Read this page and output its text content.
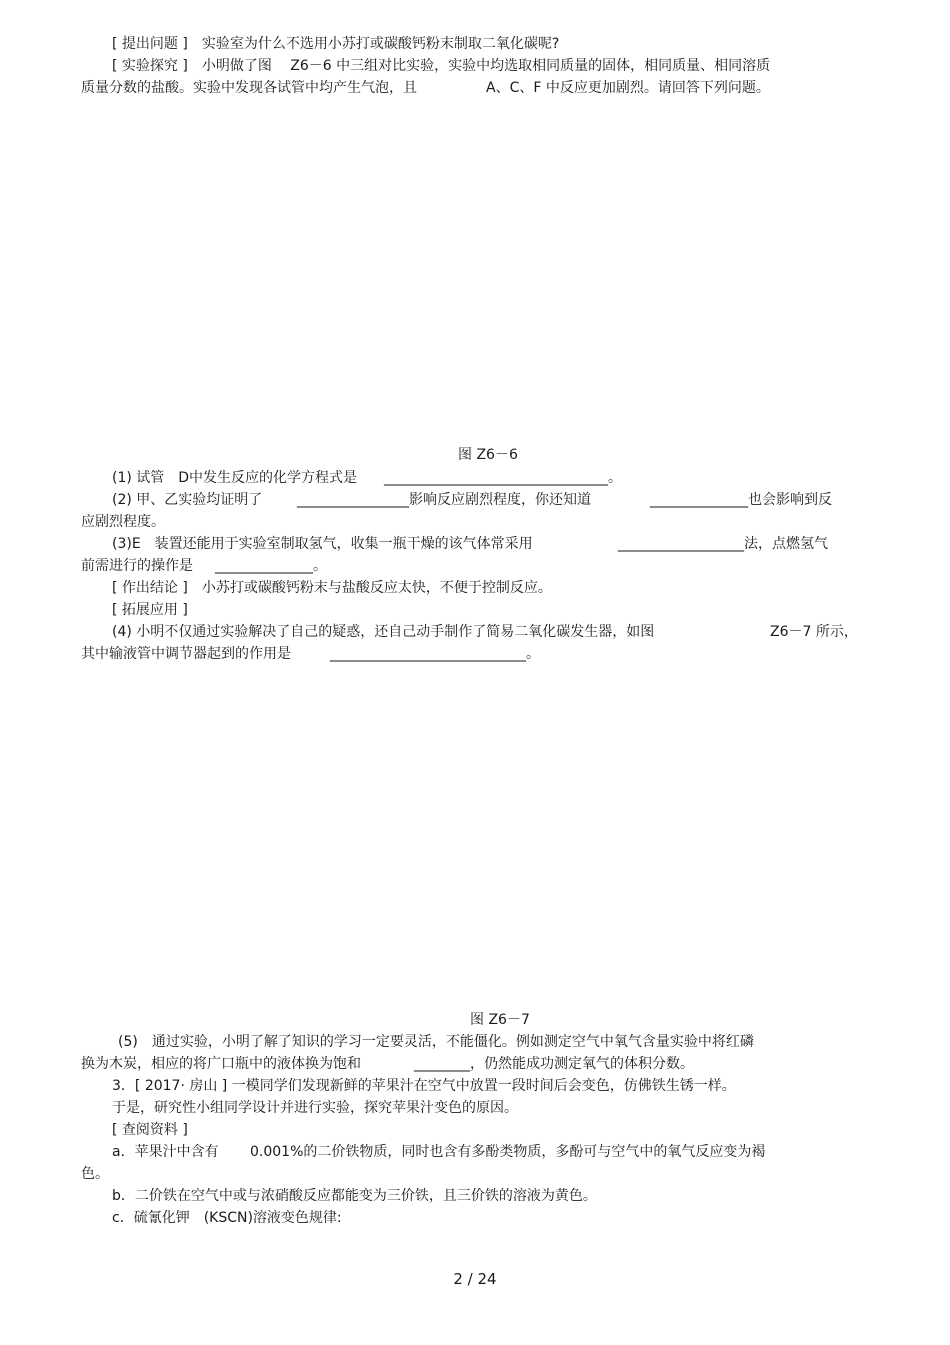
[ 提出问题 ]　实验室为什么不选用小苏打或碳酸钙粉末制取二氧化碳呢?
[ 实验探究 ]　小明做了图　 Z6－6 中三组对比实验，实验中均选取相同质量的固体，相同质量、相同溶质
质量分数的盐酸。实验中发现各试管中均产生气泡，且	A、C、F 中反应更加剧烈。请回答下列问题。
图 Z6－6
(1) 试管　D中发生反应的化学方程式是 ________________________________。
(2) 甲、乙实验均证明了 ________________影响反应剧烈程度，你还知道	______________也会影响到反
应剧烈程度。
(3)E　装置还能用于实验室制取氢气，收集一瓶干燥的该气体常采用	__________________法，点燃氢气
前需进行的操作是 ______________。
[ 作出结论 ]　小苏打或碳酸钙粉末与盐酸反应太快，不便于控制反应。
[ 拓展应用 ]
(4) 小明不仅通过实验解决了自己的疑惑，还自己动手制作了简易二氧化碳发生器，如图	Z6－7 所示，
其中输液管中调节器起到的作用是	____________________________。
图 Z6－7
(5)　通过实验，小明了解了知识的学习一定要灵活，不能僵化。例如测定空气中氧气含量实验中将红磷
换为木炭，相应的将广口瓶中的液体换为饱和	________，仍然能成功测定氧气的体积分数。
3．[ 2017· 房山 ] 一模同学们发现新鲜的苹果汁在空气中放置一段时间后会变色，仿佛铁生锈一样。
于是，研究性小组同学设计并进行实验，探究苹果汁变色的原因。
[ 查阅资料 ]
a．苹果汁中含有 0.001%的二价铁物质，同时也含有多酚类物质，多酚可与空气中的氧气反应变为褐
色。
b．二价铁在空气中或与浓硝酸反应都能变为三价铁，且三价铁的溶液为黄色。
c．硫氰化钾　(KSCN)溶液变色规律:
2 / 24
